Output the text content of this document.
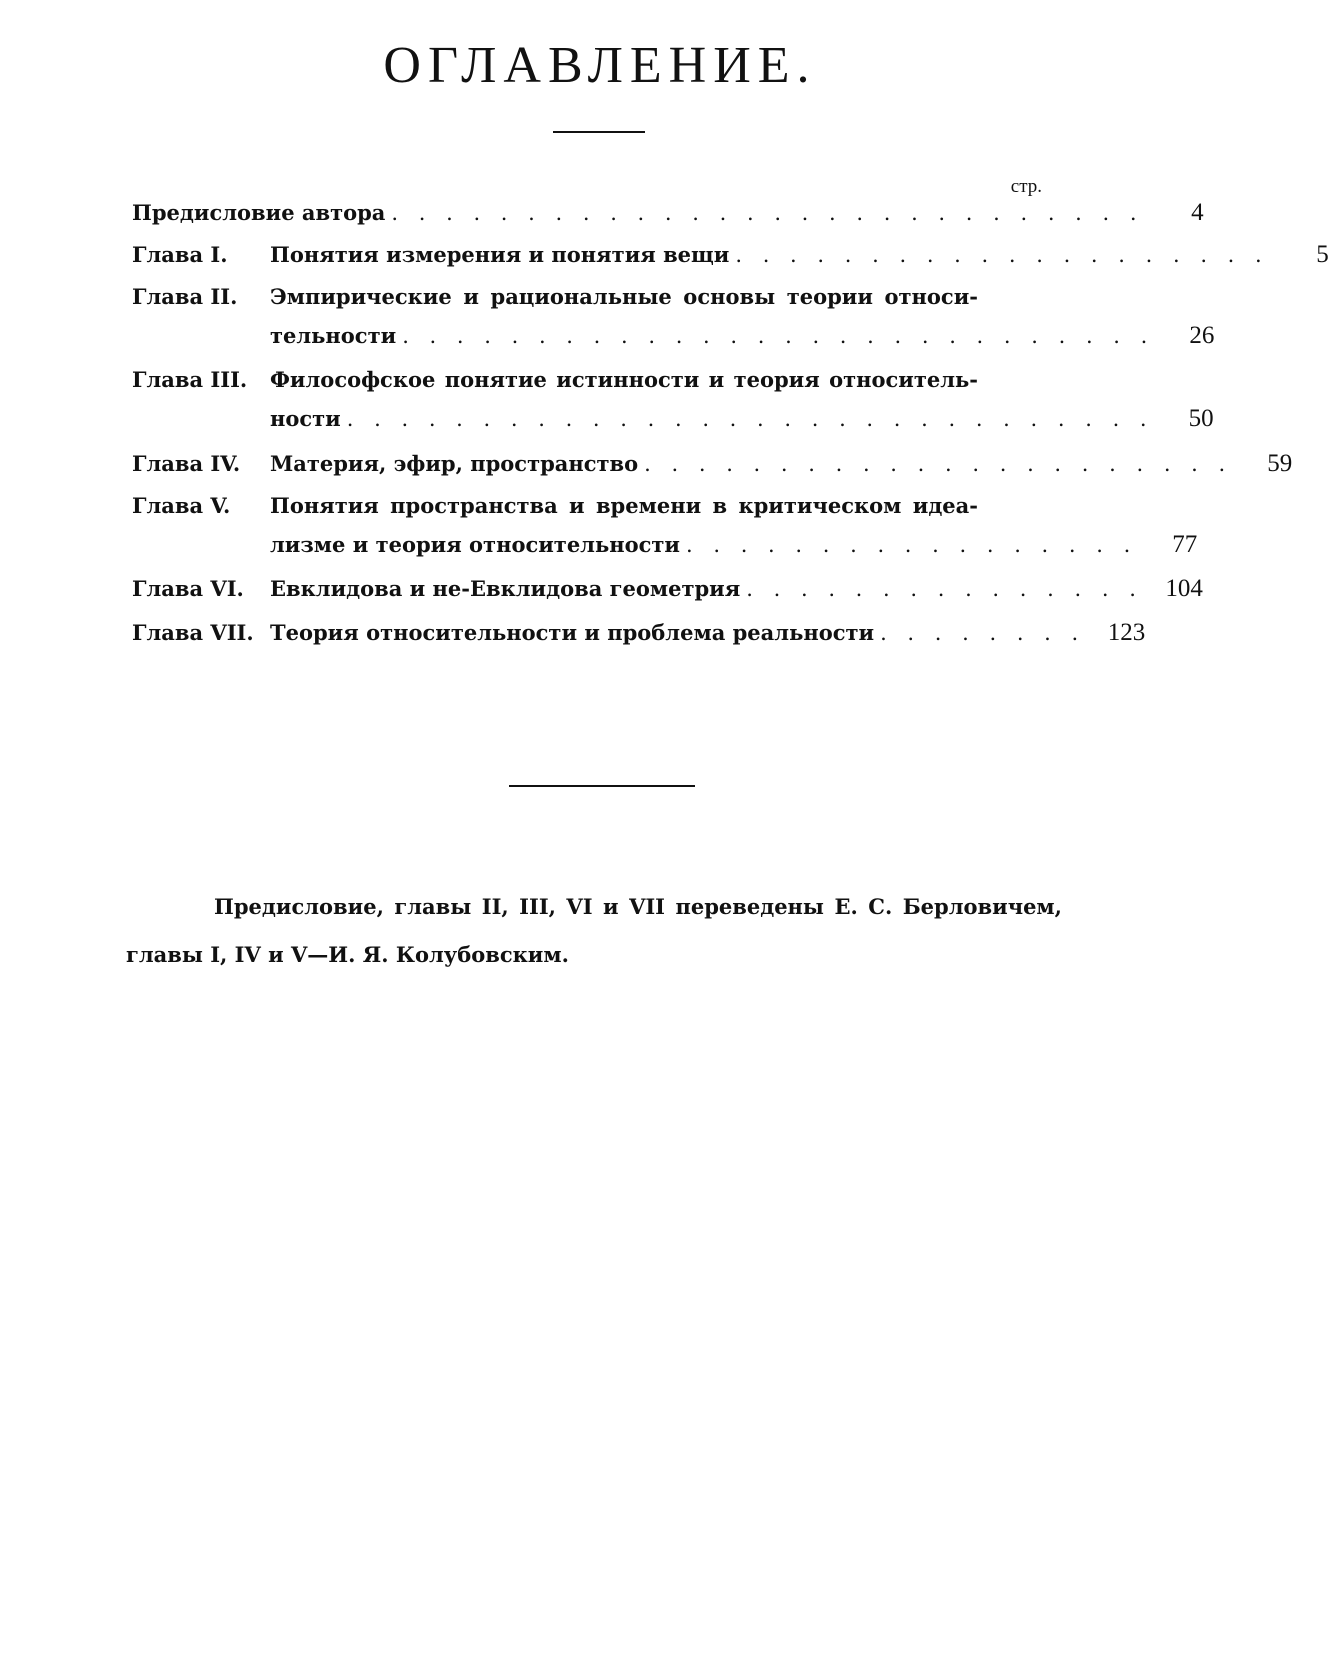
ОГЛАВЛЕНИЕ.
стр.
Предисловие автора . . . . . . . . . . . . . . . . . . . . . . . . . . . .	4
Глава I.	Понятия измерения и понятия вещи . . . . . . . . . . . . . . . . . . . .	5
Глава II.	Эмпирические и рациональные основы теории относи-
тельности . . . . . . . . . . . . . . . . . . . . . . . . . . . .	26
Глава III.	Философское понятие истинности и теория относитель-
ности . . . . . . . . . . . . . . . . . . . . . . . . . . . . . .	50
Глава IV.	Материя, эфир, пространство . . . . . . . . . . . . . . . . . . . . . .	59
Глава V.	Понятия пространства и времени в критическом идеа-
лизме и теория относительности . . . . . . . . . . . . . . . . .	77
Глава VI.	Евклидова и не-Евклидова геометрия . . . . . . . . . . . . . . . 104
Глава VII. Теория относительности и проблема реальности . . . . . . . . 123
Предисловие, главы II, III, VI и VII переведены Е. С. Берловичем,
главы I, IV и V—И. Я. Колубовским.
